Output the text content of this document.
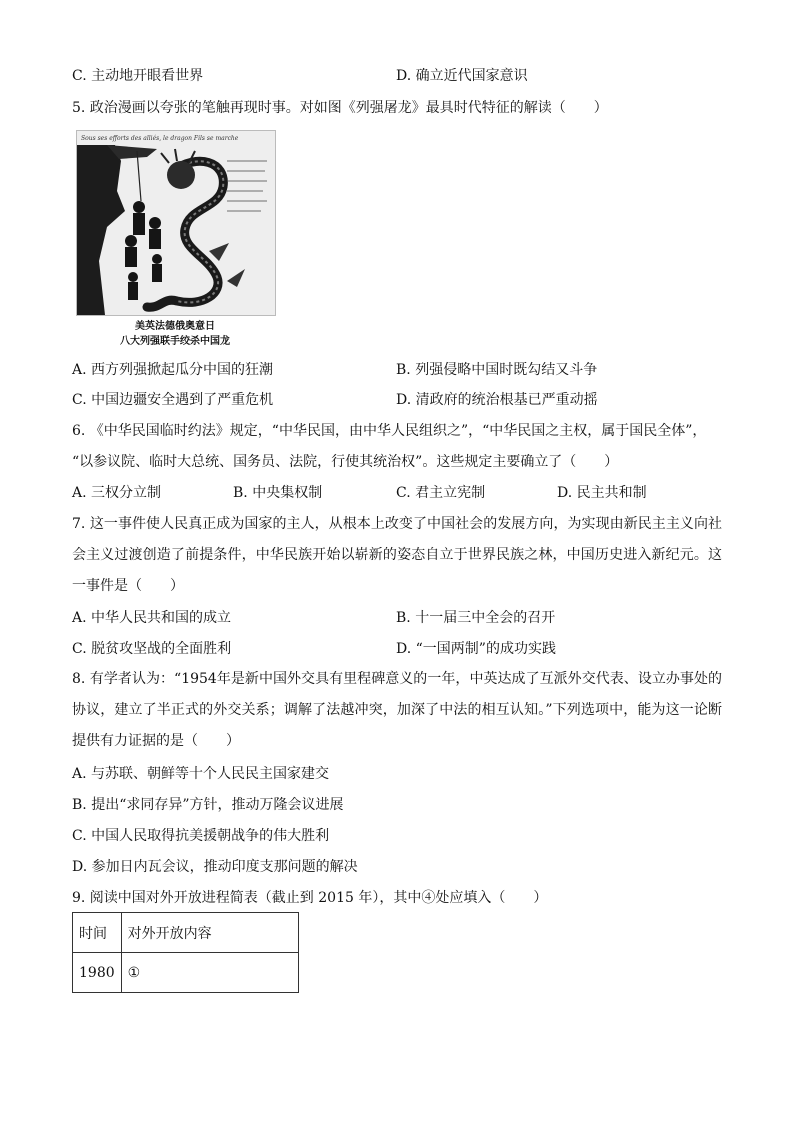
C. 主动地开眼看世界	D. 确立近代国家意识
5. 政治漫画以夸张的笔触再现时事。对如图《列强屠龙》最具时代特征的解读（　　）
Sous ses efforts des alliés, le dragon Fils se marche
美英法德俄奥意日
八大列强联手绞杀中国龙
A. 西方列强掀起瓜分中国的狂潮	B. 列强侵略中国时既勾结又斗争
C. 中国边疆安全遇到了严重危机	D. 清政府的统治根基已严重动摇
6. 《中华民国临时约法》规定，“中华民国，由中华人民组织之”，“中华民国之主权，属于国民全体”，
“以参议院、临时大总统、国务员、法院，行使其统治权”。这些规定主要确立了（　　）
A. 三权分立制	B. 中央集权制	C. 君主立宪制	D. 民主共和制
7. 这一事件使人民真正成为国家的主人，从根本上改变了中国社会的发展方向，为实现由新民主主义向社会主义过渡创造了前提条件，中华民族开始以崭新的姿态自立于世界民族之林，中国历史进入新纪元。这一事件是（　　）
A. 中华人民共和国的成立	B. 十一届三中全会的召开
C. 脱贫攻坚战的全面胜利	D. “一国两制”的成功实践
8. 有学者认为：“1954年是新中国外交具有里程碑意义的一年，中英达成了互派外交代表、设立办事处的协议，建立了半正式的外交关系；调解了法越冲突，加深了中法的相互认知。”下列选项中，能为这一论断提供有力证据的是（　　）
A. 与苏联、朝鲜等十个人民民主国家建交
B. 提出“求同存异”方针，推动万隆会议进展
C. 中国人民取得抗美援朝战争的伟大胜利
D. 参加日内瓦会议，推动印度支那问题的解决
9. 阅读中国对外开放进程简表（截止到 2015 年），其中④处应填入（　　）
时间	对外开放内容
1980	①
